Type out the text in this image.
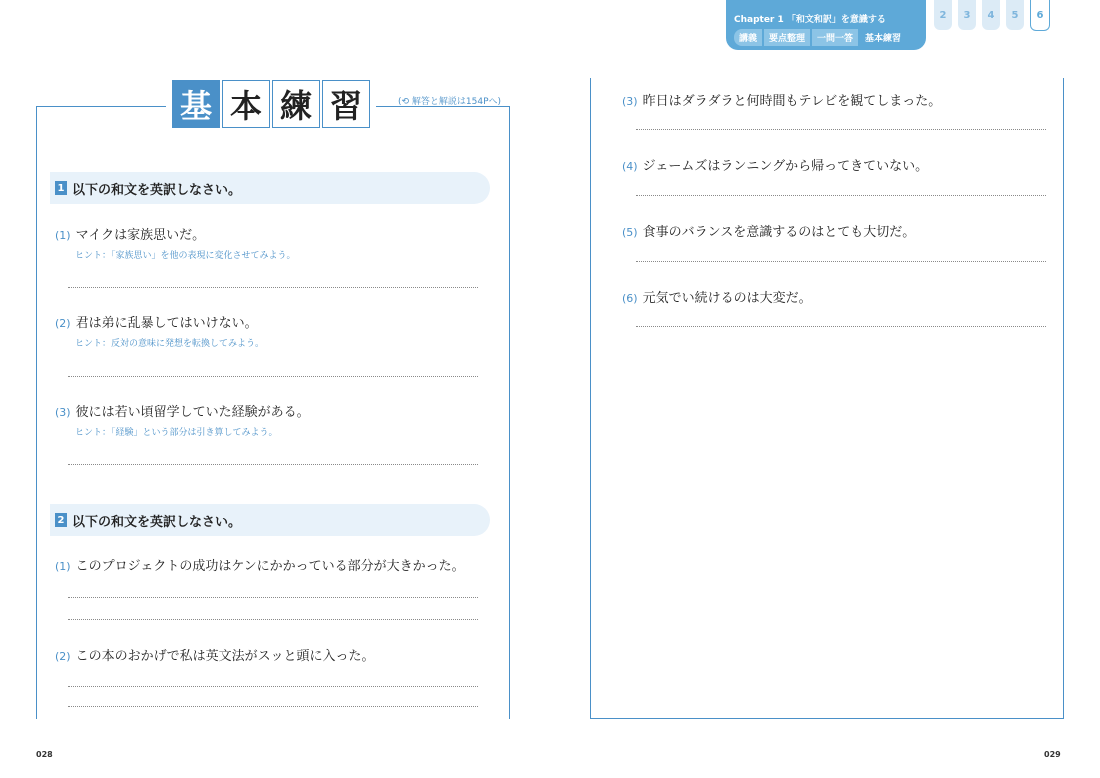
Chapter 1 「和文和訳」を意識する
講義	要点整理	一問一答	基本練習
2	3	4	5	6
基 本 練 習	(⟲ 解答と解説は154Pへ)
1 以下の和文を英訳しなさい。
(1) マイクは家族思いだ。
ヒント：「家族思い」を他の表現に変化させてみよう。
(2) 君は弟に乱暴してはいけない。
ヒント：反対の意味に発想を転換してみよう。
(3) 彼には若い頃留学していた経験がある。
ヒント：「経験」という部分は引き算してみよう。
2 以下の和文を英訳しなさい。
(1) このプロジェクトの成功はケンにかかっている部分が大きかった。
(2) この本のおかげで私は英文法がスッと頭に入った。
(3) 昨日はダラダラと何時間もテレビを観てしまった。
(4) ジェームズはランニングから帰ってきていない。
(5) 食事のバランスを意識するのはとても大切だ。
(6) 元気でい続けるのは大変だ。
028	029
